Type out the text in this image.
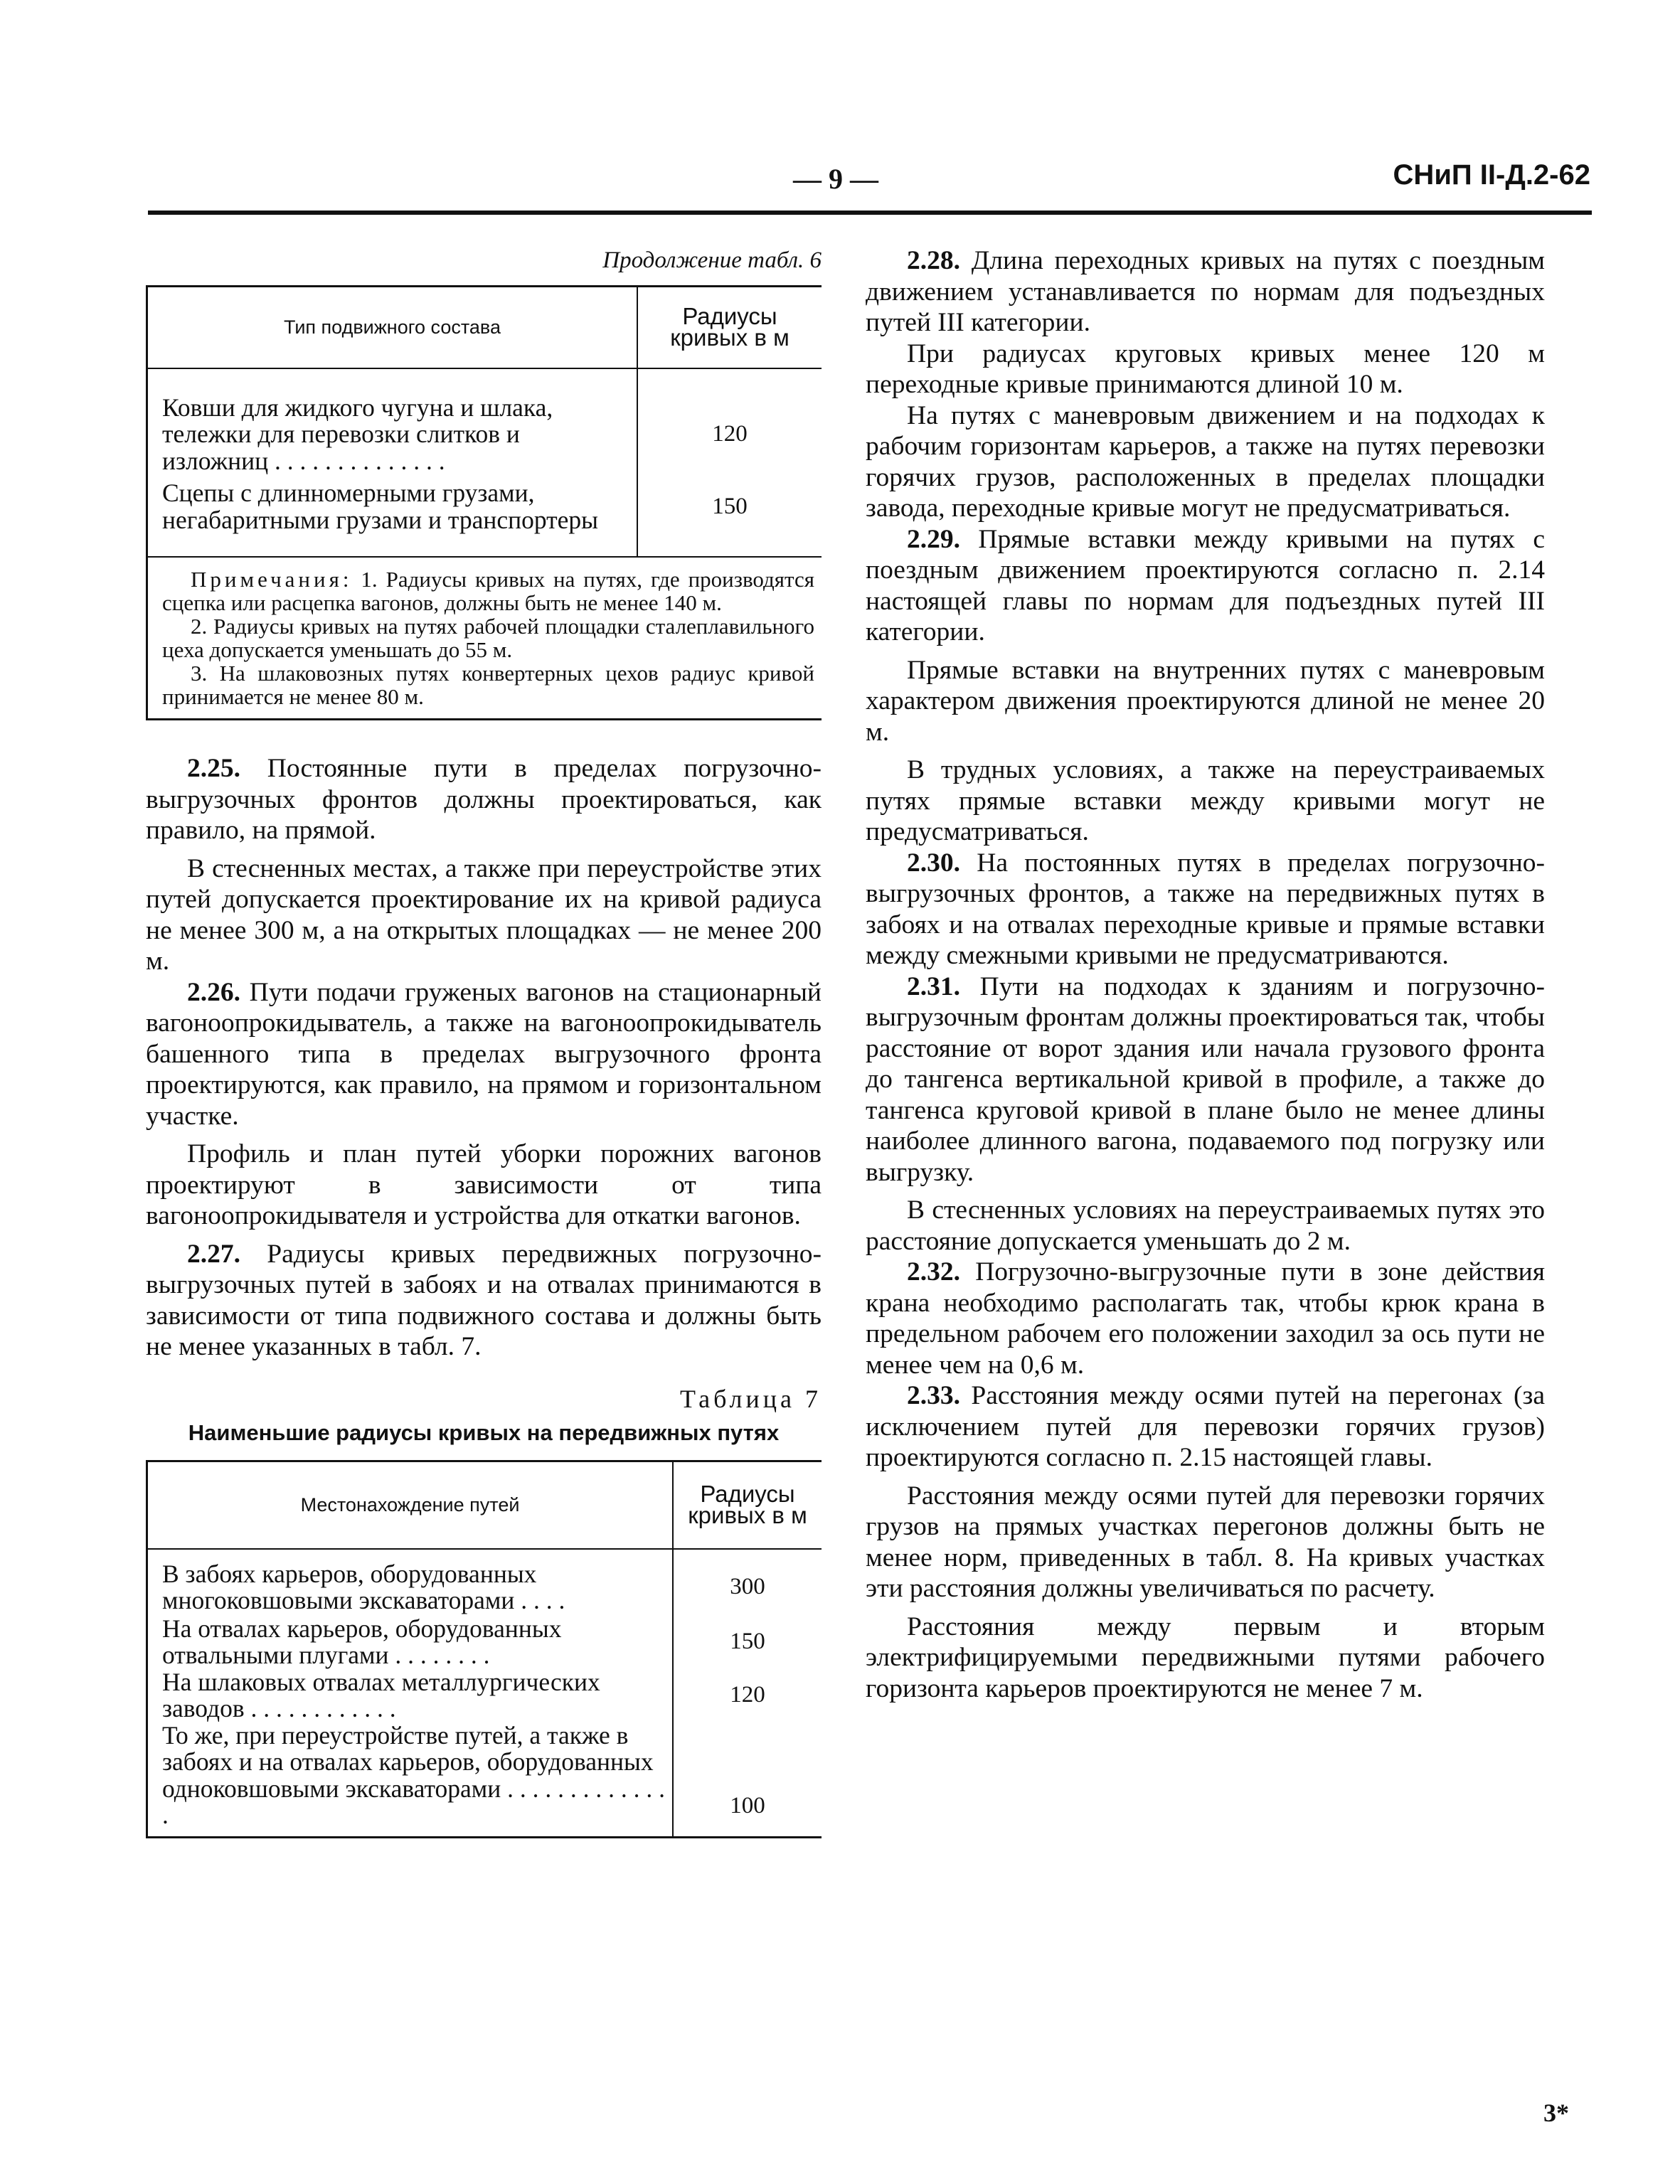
— 9 —	СНиП II-Д.2-62
Продолжение табл. 6
Тип подвижного состава	Радиусы кривых в м
Ковши для жидкого чугуна и шлака, тележки для перевозки слитков и изложниц . . . . . . . . . . . . . .	120
Сцепы с длинномерными грузами, негабаритными грузами и транспортеры	150

Примечания: 1. Радиусы кривых на путях, где производятся сцепка или расцепка вагонов, должны быть не менее 140 м.
2. Радиусы кривых на путях рабочей площадки сталеплавильного цеха допускается уменьшать до 55 м.
3. На шлаковозных путях конвертерных цехов радиус кривой принимается не менее 80 м.	

2.25. Постоянные пути в пределах погрузочно-выгрузочных фронтов должны проектироваться, как правило, на прямой.

В стесненных местах, а также при переустройстве этих путей допускается проектирование их на кривой радиуса не менее 300 м, а на открытых площадках — не менее 200 м.

2.26. Пути подачи груженых вагонов на стационарный вагоноопрокидыватель, а также на вагоноопрокидыватель башенного типа в пределах выгрузочного фронта проектируются, как правило, на прямом и горизонтальном участке.

Профиль и план путей уборки порожних вагонов проектируют в зависимости от типа вагоноопрокидывателя и устройства для откатки вагонов.

2.27. Радиусы кривых передвижных погрузочно-выгрузочных путей в забоях и на отвалах принимаются в зависимости от типа подвижного состава и должны быть не менее указанных в табл. 7.

Таблица 7
Наименьшие радиусы кривых на передвижных путях
Местонахождение путей	Радиусы кривых в м
В забоях карьеров, оборудованных многоковшовыми экскаваторами . . . .	300
На отвалах карьеров, оборудованных отвальными плугами . . . . . . . .	150
На шлаковых отвалах металлургических заводов . . . . . . . . . . . .	120
То же, при переустройстве путей, а также в забоях и на отвалах карьеров, оборудованных одноковшовыми экскаваторами . . . . . . . . . . . . . .	100

2.28. Длина переходных кривых на путях с поездным движением устанавливается по нормам для подъездных путей III категории.

При радиусах круговых кривых менее 120 м переходные кривые принимаются длиной 10 м.

На путях с маневровым движением и на подходах к рабочим горизонтам карьеров, а также на путях перевозки горячих грузов, расположенных в пределах площадки завода, переходные кривые могут не предусматриваться.

2.29. Прямые вставки между кривыми на путях с поездным движением проектируются согласно п. 2.14 настоящей главы по нормам для подъездных путей III категории.

Прямые вставки на внутренних путях с маневровым характером движения проектируются длиной не менее 20 м.

В трудных условиях, а также на переустраиваемых путях прямые вставки между кривыми могут не предусматриваться.

2.30. На постоянных путях в пределах погрузочно-выгрузочных фронтов, а также на передвижных путях в забоях и на отвалах переходные кривые и прямые вставки между смежными кривыми не предусматриваются.

2.31. Пути на подходах к зданиям и погрузочно-выгрузочным фронтам должны проектироваться так, чтобы расстояние от ворот здания или начала грузового фронта до тангенса вертикальной кривой в профиле, а также до тангенса круговой кривой в плане было не менее длины наиболее длинного вагона, подаваемого под погрузку или выгрузку.

В стесненных условиях на переустраиваемых путях это расстояние допускается уменьшать до 2 м.

2.32. Погрузочно-выгрузочные пути в зоне действия крана необходимо располагать так, чтобы крюк крана в предельном рабочем его положении заходил за ось пути не менее чем на 0,6 м.

2.33. Расстояния между осями путей на перегонах (за исключением путей для перевозки горячих грузов) проектируются согласно п. 2.15 настоящей главы.

Расстояния между осями путей для перевозки горячих грузов на прямых участках перегонов должны быть не менее норм, приведенных в табл. 8. На кривых участках эти расстояния должны увеличиваться по расчету.

Расстояния между первым и вторым электрифицируемыми передвижными путями рабочего горизонта карьеров проектируются не менее 7 м.

3*
